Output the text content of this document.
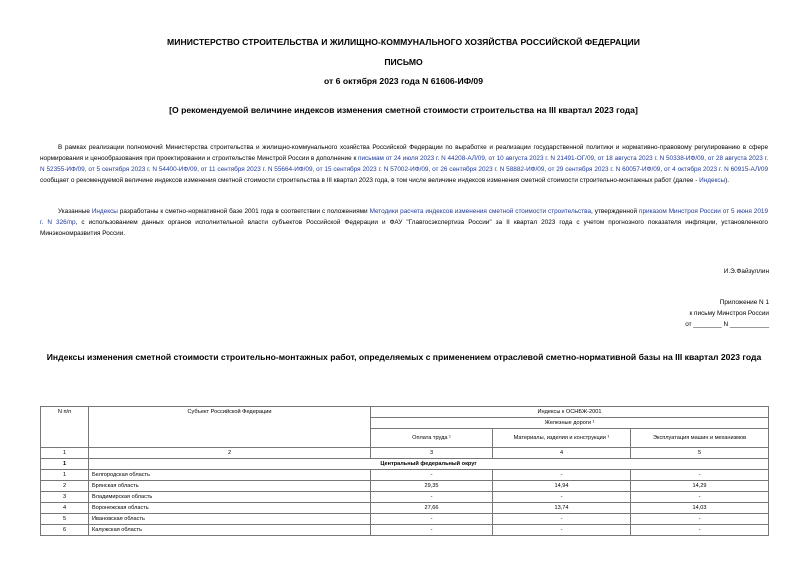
МИНИСТЕРСТВО СТРОИТЕЛЬСТВА И ЖИЛИЩНО-КОММУНАЛЬНОГО ХОЗЯЙСТВА РОССИЙСКОЙ ФЕДЕРАЦИИ
ПИСЬМО
от 6 октября 2023 года N 61606-ИФ/09
[О рекомендуемой величине индексов изменения сметной стоимости строительства на III квартал 2023 года]
В рамках реализации полномочий Министерства строительства и жилищно-коммунального хозяйства Российской Федерации по выработке и реализации государственной политики и нормативно-правовому регулированию в сфере нормирования и ценообразования при проектировании и строительстве Минстрой России в дополнение к письмам от 24 июля 2023 г. N 44208-АЛ/09, от 10 августа 2023 г. N 21491-ОГ/09, от 18 августа 2023 г. N 50338-ИФ/09, от 28 августа 2023 г. N 52355-ИФ/09, от 5 сентября 2023 г. N 54400-ИФ/09, от 11 сентября 2023 г. N 55664-ИФ/09, от 15 сентября 2023 г. N 57002-ИФ/09, от 26 сентября 2023 г. N 58882-ИФ/09, от 29 сентября 2023 г. N 60057-ИФ/09, от 4 октября 2023 г. N 60915-АЛ/09 сообщает о рекомендуемой величине индексов изменения сметной стоимости строительства в III квартал 2023 года, в том числе величине индексов изменения сметной стоимости строительно-монтажных работ (далее - Индексы).
Указанные Индексы разработаны к сметно-нормативной базе 2001 года в соответствии с положениями Методики расчета индексов изменения сметной стоимости строительства, утвержденной приказом Минстроя России от 5 июня 2019 г. N 326/пр, с использованием данных органов исполнительной власти субъектов Российской Федерации и ФАУ "Главгосэкспертиза России" за II квартал 2023 года с учетом прогнозного показателя инфляции, установленного Минэкономразвития России.
И.Э.Файзуллин
Приложение N 1
к письму Минстроя России
от ________ N ___________
Индексы изменения сметной стоимости строительно-монтажных работ, определяемых с применением отраслевой сметно-нормативной базы на III квартал 2023 года
N п/п	Субъект Российской Федерации	Индексы к ОСНБЖ-2001		
		Железные дороги ¹		
		Оплата труда ¹	Материалы, изделия и конструкции ¹	Эксплуатация машин и механизмов
1	2	3	4	5
1	Центральный федеральный округ			
1	Белгородская область	-	-	-
2	Брянская область	29,35	14,94	14,29
3	Владимирская область	-	-	-
4	Воронежская область	27,66	13,74	14,03
5	Ивановская область	-	-	-
6	Калужская область	-	-	-
